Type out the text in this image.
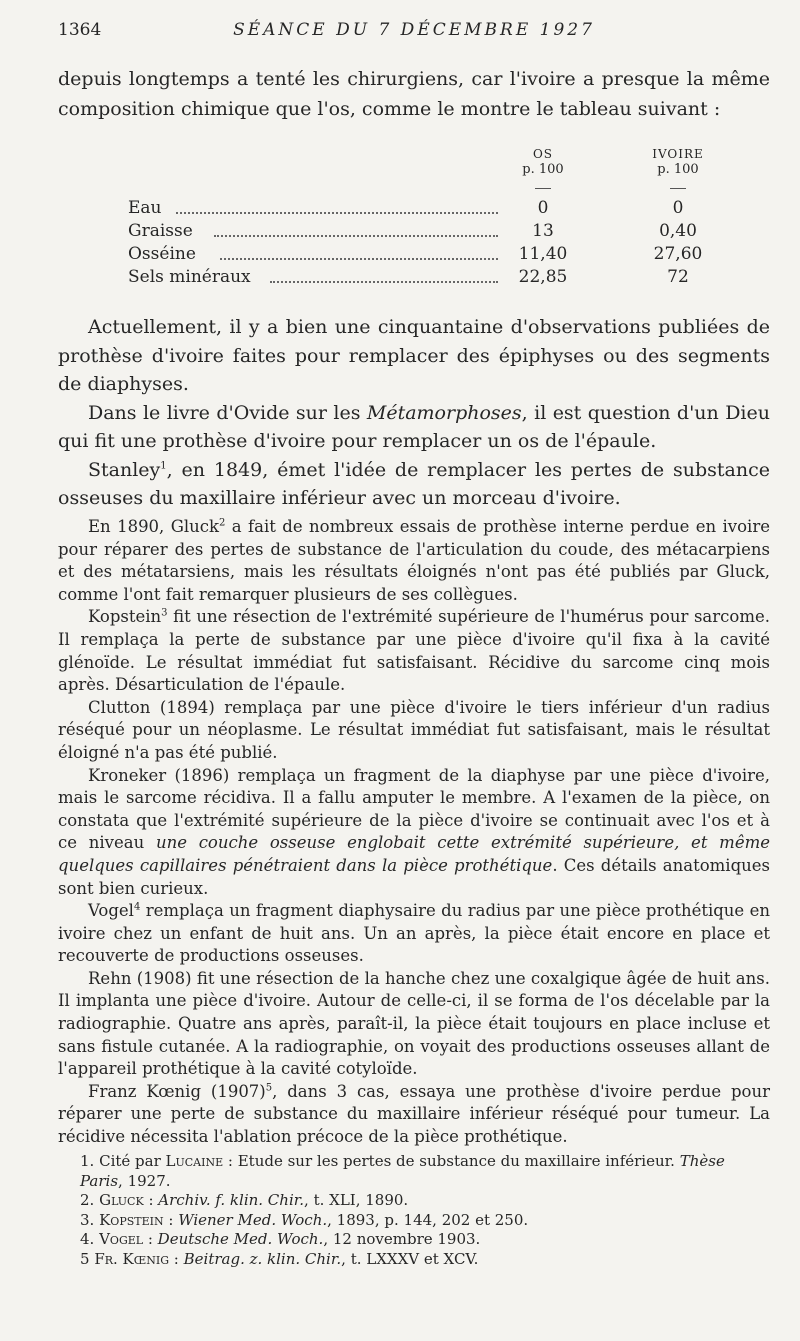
1364	SÉANCE DU 7 DÉCEMBRE 1927

depuis longtemps a tenté les chirurgiens, car l'ivoire a presque la même composition chimique que l'os, comme le montre le tableau suivant :

OS
p. 100
IVOIRE
p. 100
Eau	0	0
Graisse	13	0,40
Osséine	11,40	27,60
Sels minéraux	22,85	72

Actuellement, il y a bien une cinquantaine d'observations publiées de prothèse d'ivoire faites pour remplacer des épiphyses ou des segments de diaphyses.

Dans le livre d'Ovide sur les Métamorphoses, il est question d'un Dieu qui fit une prothèse d'ivoire pour remplacer un os de l'épaule.

Stanley$^1$, en 1849, émet l'idée de remplacer les pertes de substance osseuses du maxillaire inférieur avec un morceau d'ivoire.

En 1890, Gluck$^2$ a fait de nombreux essais de prothèse interne perdue en ivoire pour réparer des pertes de substance de l'articulation du coude, des métacarpiens et des métatarsiens, mais les résultats éloignés n'ont pas été publiés par Gluck, comme l'ont fait remarquer plusieurs de ses collègues.

Kopstein$^3$ fit une résection de l'extrémité supérieure de l'humérus pour sarcome. Il remplaça la perte de substance par une pièce d'ivoire qu'il fixa à la cavité glénoïde. Le résultat immédiat fut satisfaisant. Récidive du sarcome cinq mois après. Désarticulation de l'épaule.

Clutton (1894) remplaça par une pièce d'ivoire le tiers inférieur d'un radius réséqué pour un néoplasme. Le résultat immédiat fut satisfaisant, mais le résultat éloigné n'a pas été publié.

Kroneker (1896) remplaça un fragment de la diaphyse par une pièce d'ivoire, mais le sarcome récidiva. Il a fallu amputer le membre. A l'examen de la pièce, on constata que l'extrémité supérieure de la pièce d'ivoire se continuait avec l'os et à ce niveau une couche osseuse englobait cette extrémité supérieure, et même quelques capillaires pénétraient dans la pièce prothétique. Ces détails anatomiques sont bien curieux.

Vogel$^4$ remplaça un fragment diaphysaire du radius par une pièce prothétique en ivoire chez un enfant de huit ans. Un an après, la pièce était encore en place et recouverte de productions osseuses.

Rehn (1908) fit une résection de la hanche chez une coxalgique âgée de huit ans. Il implanta une pièce d'ivoire. Autour de celle-ci, il se forma de l'os décelable par la radiographie. Quatre ans après, paraît-il, la pièce était toujours en place incluse et sans fistule cutanée. A la radiographie, on voyait des productions osseuses allant de l'appareil prothétique à la cavité cotyloïde.

Franz Kœnig $(1907)^5$, dans 3 cas, essaya une prothèse d'ivoire perdue pour réparer une perte de substance du maxillaire inférieur réséqué pour tumeur. La récidive nécessita l'ablation précoce de la pièce prothétique.

1. Cité par Lucaine : Etude sur les pertes de substance du maxillaire inférieur. Thèse Paris, 1927.

2. Gluck : Archiv. f. klin. Chir., t. XLI, 1890.

3. Kopstein : Wiener Med. Woch., 1893, p. 144, 202 et 250.

4. Vogel : Deutsche Med. Woch., 12 novembre 1903.

5 Fr. Kœnig : Beitrag. z. klin. Chir., t. LXXXV et XCV.
